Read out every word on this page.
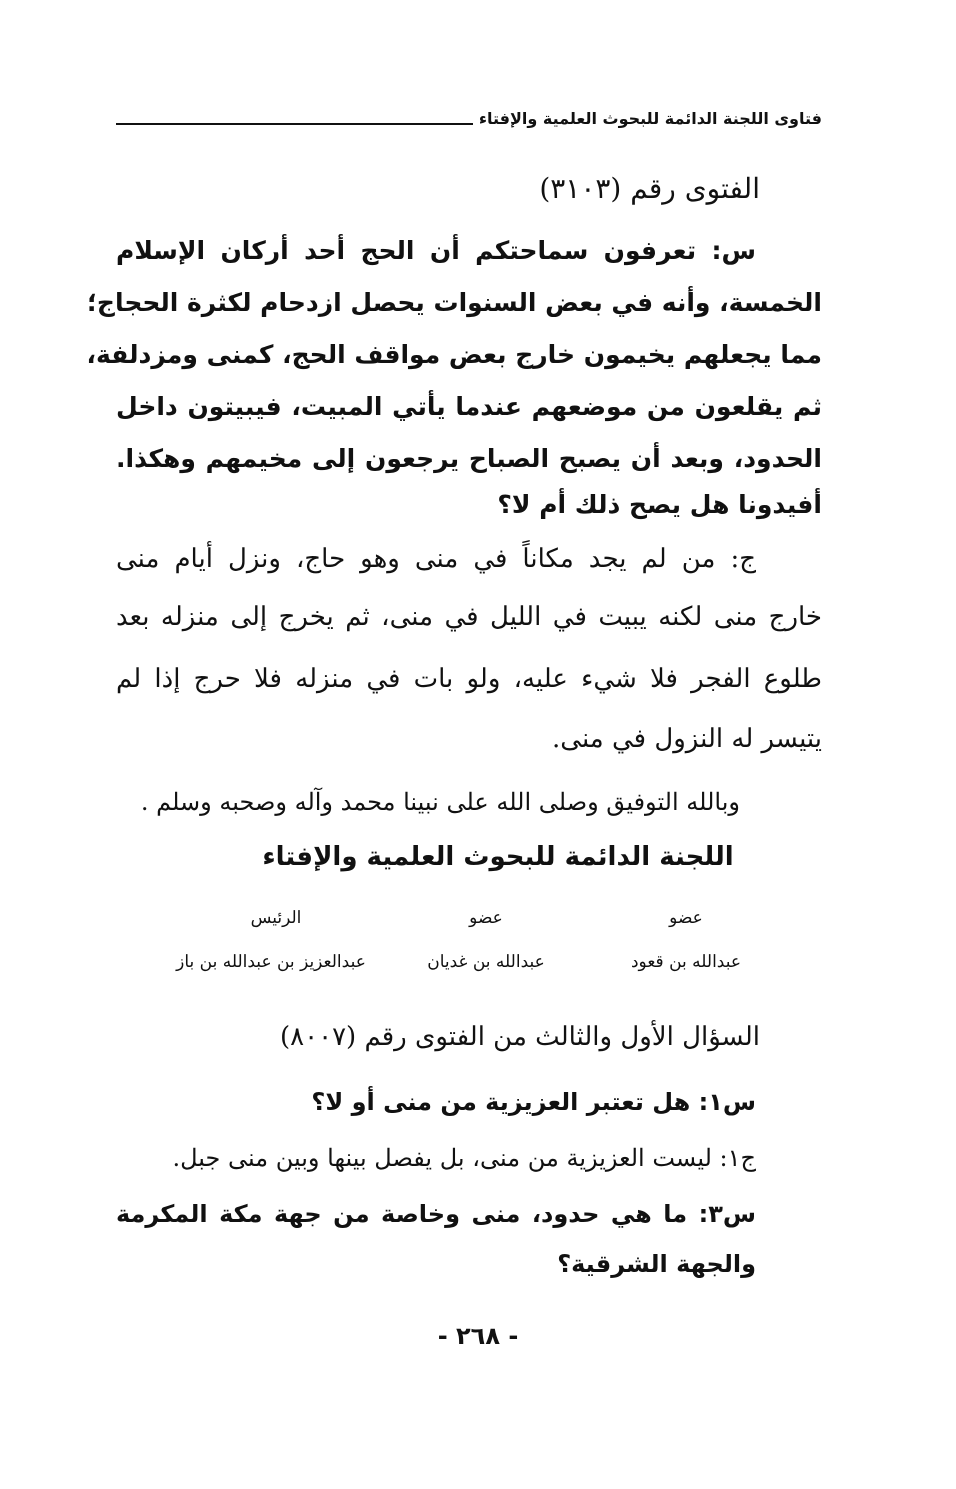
فتاوى اللجنة الدائمة للبحوث العلمية والإفتاء
الفتوى رقم (٣١٠٣)
س: تعرفون سماحتكم أن الحج أحد أركان الإسلام
الخمسة، وأنه في بعض السنوات يحصل ازدحام لكثرة الحجاج؛
مما يجعلهم يخيمون خارج بعض مواقف الحج، كمنى ومزدلفة،
ثم يقلعون من موضعهم عندما يأتي المبيت، فيبيتون داخل
الحدود، وبعد أن يصبح الصباح يرجعون إلى مخيمهم وهكذا.
أفيدونا هل يصح ذلك أم لا؟
ج: من لم يجد مكاناً في منى وهو حاج، ونزل أيام منى
خارج منى لكنه يبيت في الليل في منى، ثم يخرج إلى منزله بعد
طلوع الفجر فلا شيء عليه، ولو بات في منزله فلا حرج إذا لم
يتيسر له النزول في منى.
وبالله التوفيق وصلى الله على نبينا محمد وآله وصحبه وسلم .
اللجنة الدائمة للبحوث العلمية والإفتاء
عضو
عبدالله بن قعود
عضو
عبدالله بن غديان
الرئيس
عبدالعزيز بن عبدالله بن باز
السؤال الأول والثالث من الفتوى رقم (٨٠٠٧)
س١: هل تعتبر العزيزية من منى أو لا؟
ج١: ليست العزيزية من منى، بل يفصل بينها وبين منى جبل.
س٣: ما هي حدود، منى وخاصة من جهة مكة المكرمة
والجهة الشرقية؟
- ٢٦٨ -
